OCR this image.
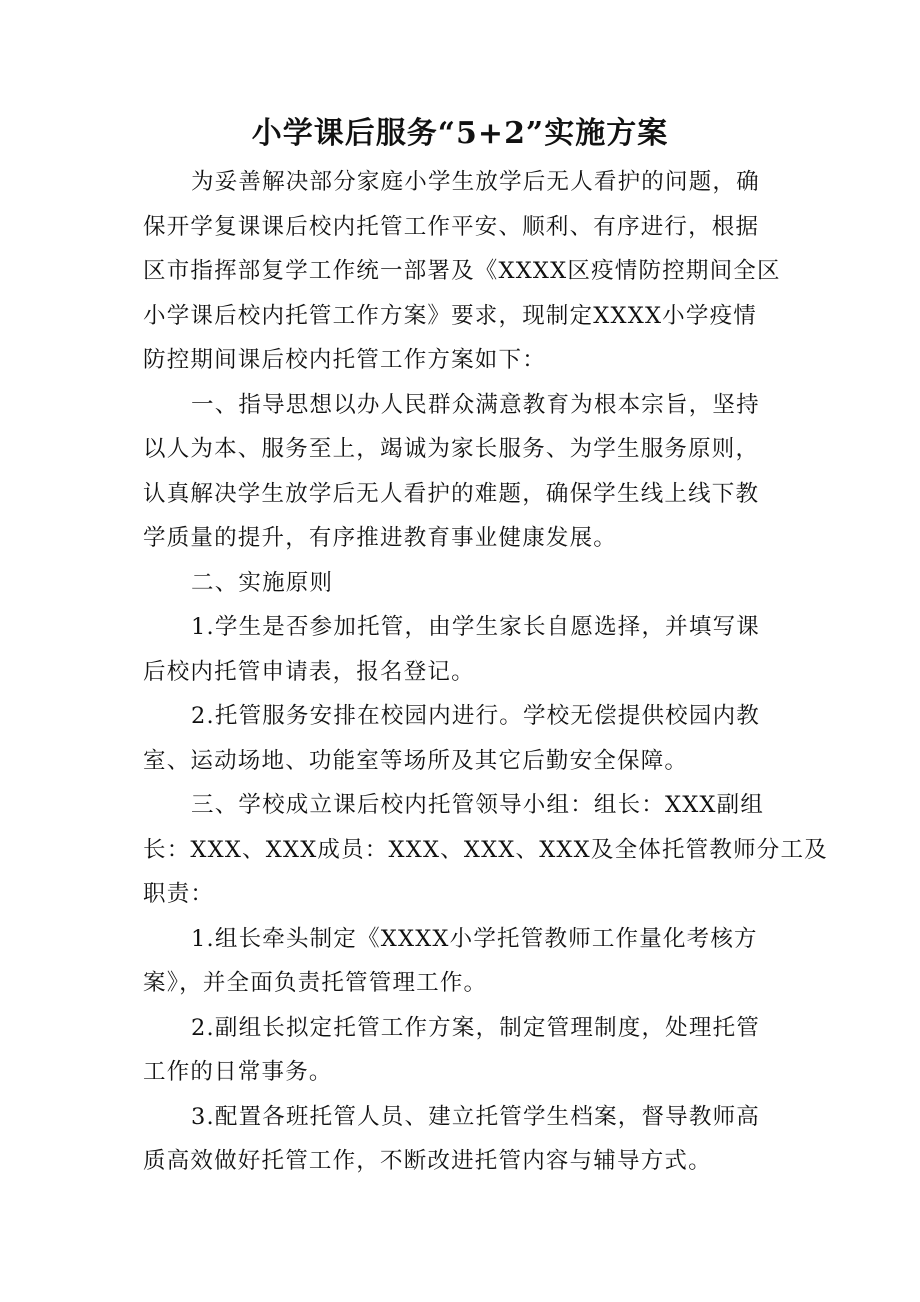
小学课后服务“5+2”实施方案
为妥善解决部分家庭小学生放学后无人看护的问题，确
保开学复课课后校内托管工作平安、顺利、有序进行，根据
区市指挥部复学工作统一部署及《XXXX区疫情防控期间全区
小学课后校内托管工作方案》要求，现制定XXXX小学疫情
防控期间课后校内托管工作方案如下：
一、指导思想以办人民群众满意教育为根本宗旨，坚持
以人为本、服务至上，竭诚为家长服务、为学生服务原则，
认真解决学生放学后无人看护的难题，确保学生线上线下教
学质量的提升，有序推进教育事业健康发展。
二、实施原则
1.学生是否参加托管，由学生家长自愿选择，并填写课
后校内托管申请表，报名登记。
2.托管服务安排在校园内进行。学校无偿提供校园内教
室、运动场地、功能室等场所及其它后勤安全保障。
三、学校成立课后校内托管领导小组：组长：XXX副组
长：XXX、XXX成员：XXX、XXX、XXX及全体托管教师分工及
职责：
1.组长牵头制定《XXXX小学托管教师工作量化考核方
案》，并全面负责托管管理工作。
2.副组长拟定托管工作方案，制定管理制度，处理托管
工作的日常事务。
3.配置各班托管人员、建立托管学生档案，督导教师高
质高效做好托管工作，不断改进托管内容与辅导方式。
